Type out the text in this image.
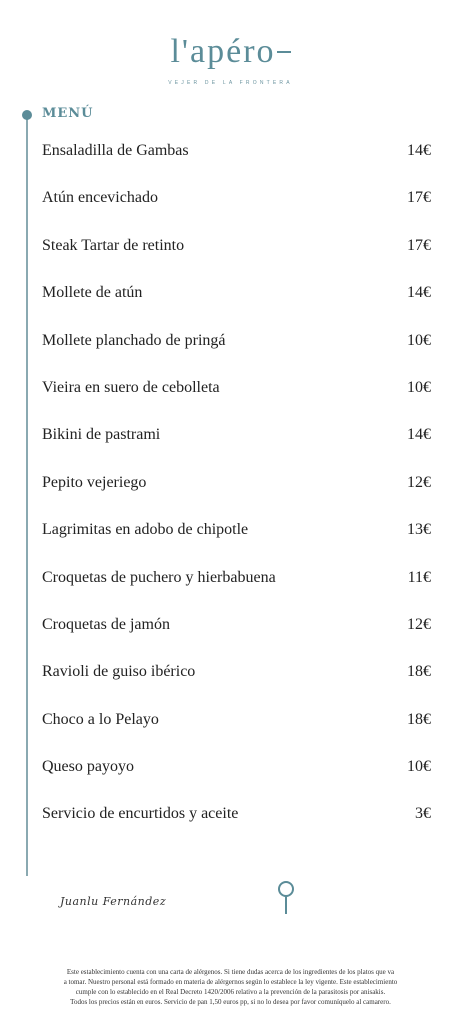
l'apéro
VEJER DE LA FRONTERA
MENÚ
Ensaladilla de Gambas	14€
Atún encevichado	17€
Steak Tartar de retinto	17€
Mollete de atún	14€
Mollete planchado de pringá	10€
Vieira en suero de cebolleta	10€
Bikini de pastrami	14€
Pepito vejeriego	12€
Lagrimitas en adobo de chipotle	13€
Croquetas de puchero y hierbabuena	11€
Croquetas de jamón	12€
Ravioli de guiso ibérico	18€
Choco a lo Pelayo	18€
Queso payoyo	10€
Servicio de encurtidos y aceite	3€
Juanlu Fernández
Este establecimiento cuenta con una carta de alérgenos. Si tiene dudas acerca de los ingredientes de los platos que va
a tomar. Nuestro personal está formado en materia de alérgernos según lo establece la ley vigente. Este establecimiento
cumple con lo establecido en el Real Decreto 1420/2006 relativo a la prevención de la parasitosis por anisakis.
Todos los precios están en euros. Servicio de pan 1,50 euros pp, si no lo desea por favor comuníquelo al camarero.
